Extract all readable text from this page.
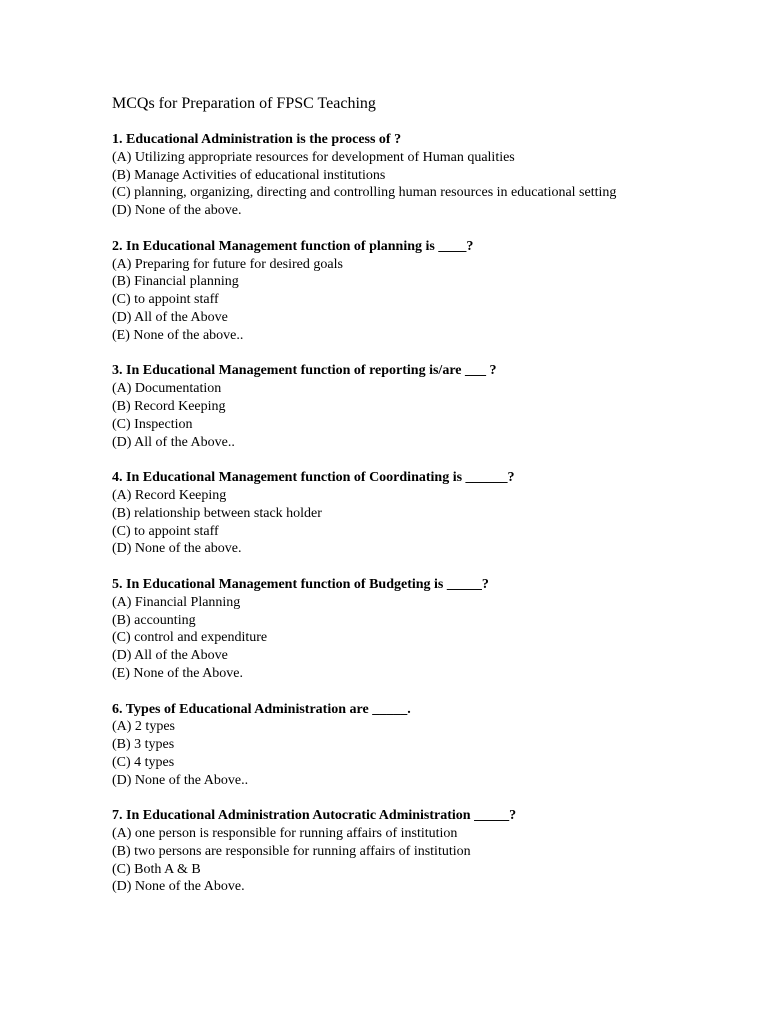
MCQs for Preparation of FPSC Teaching

1. Educational Administration is the process of ?

(A) Utilizing appropriate resources for development of Human qualities

(B) Manage Activities of educational institutions

(C) planning, organizing, directing and controlling human resources in educational setting

(D) None of the above.

2. In Educational Management function of planning is ____?

(A) Preparing for future for desired goals

(B) Financial planning

(C) to appoint staff

(D) All of the Above

(E) None of the above..

3. In Educational Management function of reporting is/are ___ ?

(A) Documentation

(B) Record Keeping

(C) Inspection

(D) All of the Above..

4. In Educational Management function of Coordinating is ______?

(A) Record Keeping

(B) relationship between stack holder

(C) to appoint staff

(D) None of the above.

5. In Educational Management function of Budgeting is _____?

(A) Financial Planning

(B) accounting

(C) control and expenditure

(D) All of the Above

(E) None of the Above.

6. Types of Educational Administration are _____.

(A) 2 types

(B) 3 types

(C) 4 types

(D) None of the Above..

7. In Educational Administration Autocratic Administration _____?

(A) one person is responsible for running affairs of institution

(B) two persons are responsible for running affairs of institution

(C) Both A & B

(D) None of the Above.
